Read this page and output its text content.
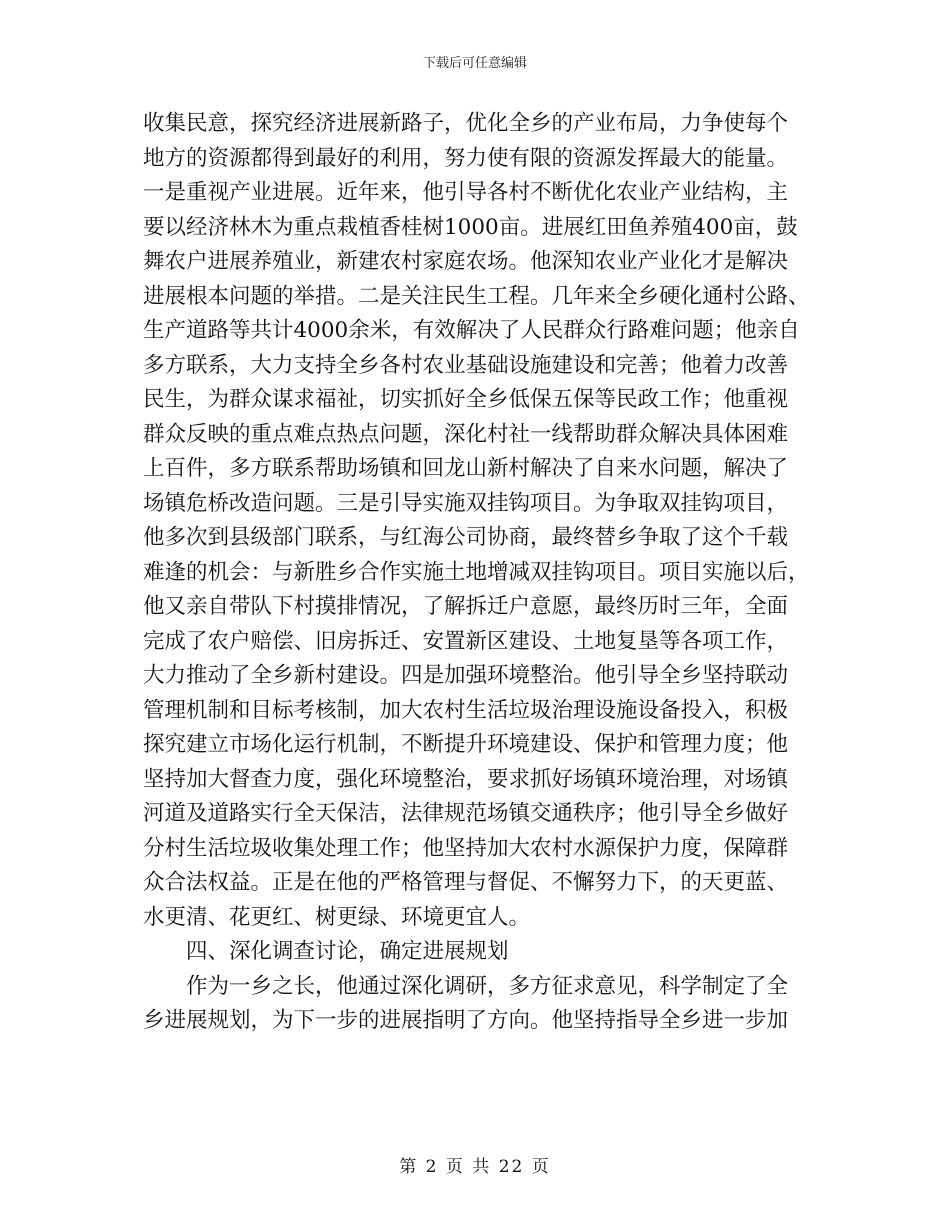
下载后可任意编辑
收集民意，探究经济进展新路子，优化全乡的产业布局，力争使每个
地方的资源都得到最好的利用，努力使有限的资源发挥最大的能量。
一是重视产业进展。近年来，他引导各村不断优化农业产业结构，主
要以经济林木为重点栽植香桂树1000亩。进展红田鱼养殖400亩，鼓
舞农户进展养殖业，新建农村家庭农场。他深知农业产业化才是解决
进展根本问题的举措。二是关注民生工程。几年来全乡硬化通村公路、
生产道路等共计4000余米，有效解决了人民群众行路难问题；他亲自
多方联系，大力支持全乡各村农业基础设施建设和完善；他着力改善
民生，为群众谋求福祉，切实抓好全乡低保五保等民政工作；他重视
群众反映的重点难点热点问题，深化村社一线帮助群众解决具体困难
上百件，多方联系帮助场镇和回龙山新村解决了自来水问题，解决了
场镇危桥改造问题。三是引导实施双挂钩项目。为争取双挂钩项目，
他多次到县级部门联系，与红海公司协商，最终替乡争取了这个千载
难逢的机会：与新胜乡合作实施土地增减双挂钩项目。项目实施以后，
他又亲自带队下村摸排情况，了解拆迁户意愿，最终历时三年，全面
完成了农户赔偿、旧房拆迁、安置新区建设、土地复垦等各项工作，
大力推动了全乡新村建设。四是加强环境整治。他引导全乡坚持联动
管理机制和目标考核制，加大农村生活垃圾治理设施设备投入，积极
探究建立市场化运行机制，不断提升环境建设、保护和管理力度；他
坚持加大督查力度，强化环境整治，要求抓好场镇环境治理，对场镇
河道及道路实行全天保洁，法律规范场镇交通秩序；他引导全乡做好
分村生活垃圾收集处理工作；他坚持加大农村水源保护力度，保障群
众合法权益。正是在他的严格管理与督促、不懈努力下，的天更蓝、
水更清、花更红、树更绿、环境更宜人。
四、深化调查讨论，确定进展规划
作为一乡之长，他通过深化调研，多方征求意见，科学制定了全
乡进展规划，为下一步的进展指明了方向。他坚持指导全乡进一步加
第 2 页 共 22 页
